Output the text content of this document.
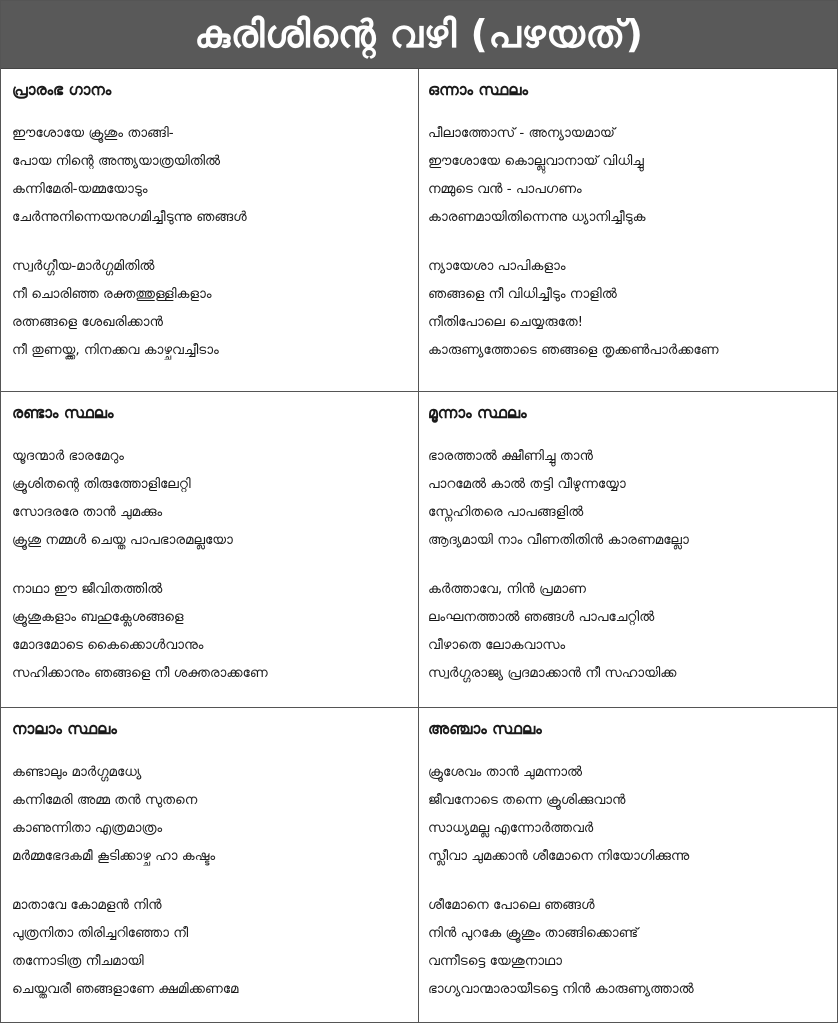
കുരിശിന്റെ വഴി (പഴയത്)
പ്രാരംഭ ഗാനം
ഈശോയേ ക്രൂശും താങ്ങി-
പോയ നിന്റെ അന്ത്യയാത്രയിതിൽ
കന്നിമേരി-യമ്മയോടും
ചേർന്നുനിന്നെയനുഗമിച്ചീടുന്നു ഞങ്ങൾ
സ്വർഗ്ഗീയ-മാർഗ്ഗമിതിൽ
നീ ചൊരിഞ്ഞ രക്തത്തുള്ളികളാം
രത്നങ്ങളെ ശേഖരിക്കാൻ
നീ തുണയ്ക്ക, നിനക്കവ കാഴ്ചവച്ചീടാം
ഒന്നാം സ്ഥലം
പീലാത്തോസ് - അന്യായമായ്
ഈശോയേ കൊല്ലുവാനായ് വിധിച്ചു
നമ്മുടെ വൻ - പാപഗണം
കാരണമായിതിന്നെന്നു ധ്യാനിച്ചീടുക
ന്യായേശാ പാപികളാം
ഞങ്ങളെ നീ വിധിച്ചീടും നാളിൽ
നീതിപോലെ ചെയ്യരുതേ!
കാരുണ്യത്തോടെ ഞങ്ങളെ തൃക്കൺപാർക്കണേ
രണ്ടാം സ്ഥലം
യൂദന്മാർ ഭാരമേറും
ക്രൂശിതന്റെ തിരുത്തോളിലേറ്റി
സോദരരേ താൻ ചുമക്കും
ക്രൂശു നമ്മൾ ചെയ്ത പാപഭാരമല്ലയോ
നാഥാ ഈ ജീവിതത്തിൽ
ക്രൂശുകളാം ബഹുക്ലേശങ്ങളെ
മോദമോടെ കൈക്കൊൾവാനും
സഹിക്കാനും ഞങ്ങളെ നീ ശക്തരാക്കണേ
മൂന്നാം സ്ഥലം
ഭാരത്താൽ ക്ഷീണിച്ചു താൻ
പാറമേൽ കാൽ തട്ടി വീഴുന്നയ്യോ
സ്നേഹിതരെ പാപങ്ങളിൽ
ആദ്യമായി നാം വീണതിതിൻ കാരണമല്ലോ
കർത്താവേ, നിൻ പ്രമാണ
ലംഘനത്താൽ ഞങ്ങൾ പാപചേറ്റിൽ
വീഴാതെ ലോകവാസം
സ്വർഗ്ഗരാജ്യ പ്രദമാക്കാൻ നീ സഹായിക്ക
നാലാം സ്ഥലം
കണ്ടാലും മാർഗ്ഗമധ്യേ
കന്നിമേരി അമ്മ തൻ സുതനെ
കാണുന്നിതാ എത്രമാത്രം
മർമ്മഭേദകമീ കൂടിക്കാഴ്ച ഹാ കഷ്ടം
മാതാവേ കോമളൻ നിൻ
പുത്രനിതാ തിരിച്ചറിഞ്ഞോ നീ
തന്നോടിത്ര നീചമായി
ചെയ്തവരീ ഞങ്ങളാണേ ക്ഷമിക്കണമേ
അഞ്ചാം സ്ഥലം
ക്രൂശേവം താൻ ചുമന്നാൽ
ജീവനോടെ തന്നെ ക്രൂശിക്കുവാൻ
സാധ്യമല്ല എന്നോർത്തവർ
സ്ലീവാ ചുമക്കാൻ ശീമോനെ നിയോഗിക്കുന്നു
ശീമോനെ പോലെ ഞങ്ങൾ
നിൻ പുറകേ ക്രൂശും താങ്ങിക്കൊണ്ട്
വന്നീടട്ടെ യേശുനാഥാ
ഭാഗ്യവാന്മാരായീടട്ടെ നിൻ കാരുണ്യത്താൽ
